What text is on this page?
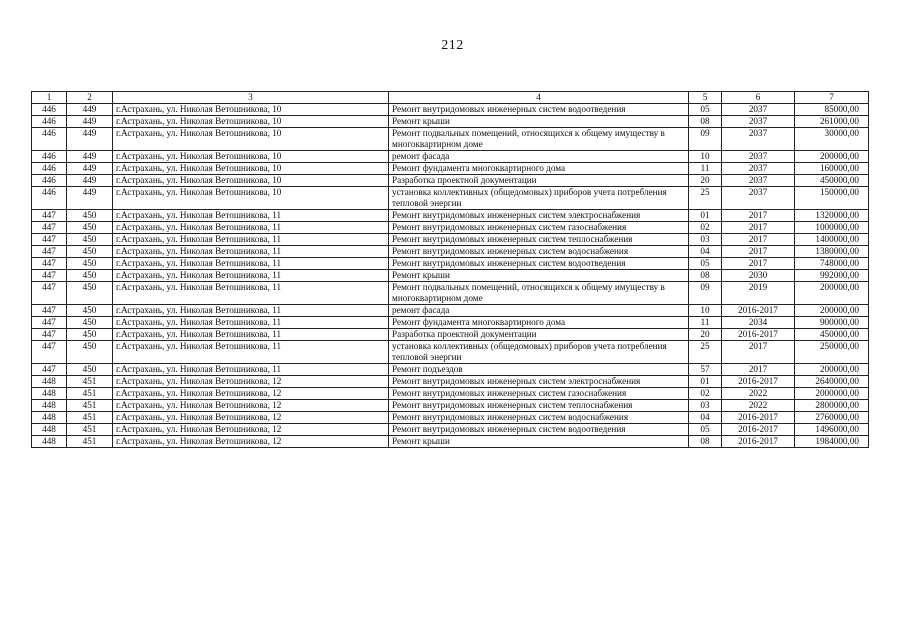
212
1	2	3	4	5	6	7
446	449	г.Астрахань, ул. Николая Ветошникова, 10	Ремонт внутридомовых инженерных систем водоотведения	05	2037	85000,00
446	449	г.Астрахань, ул. Николая Ветошникова, 10	Ремонт крыши	08	2037	261000,00
446	449	г.Астрахань, ул. Николая Ветошникова, 10	Ремонт подвальных помещений, относящихся к общему имуществу в многоквартирном доме	09	2037	30000,00
446	449	г.Астрахань, ул. Николая Ветошникова, 10	ремонт фасада	10	2037	200000,00
446	449	г.Астрахань, ул. Николая Ветошникова, 10	Ремонт фундамента многоквартирного дома	11	2037	160000,00
446	449	г.Астрахань, ул. Николая Ветошникова, 10	Разработка проектной документации	20	2037	450000,00
446	449	г.Астрахань, ул. Николая Ветошникова, 10	установка коллективных (общедомовых) приборов учета потребления тепловой энергии	25	2037	150000,00
447	450	г.Астрахань, ул. Николая Ветошникова, 11	Ремонт внутридомовых инженерных систем электроснабжения	01	2017	1320000,00
447	450	г.Астрахань, ул. Николая Ветошникова, 11	Ремонт внутридомовых инженерных систем газоснабжения	02	2017	1000000,00
447	450	г.Астрахань, ул. Николая Ветошникова, 11	Ремонт внутридомовых инженерных систем теплоснабжения	03	2017	1400000,00
447	450	г.Астрахань, ул. Николая Ветошникова, 11	Ремонт внутридомовых инженерных систем водоснабжения	04	2017	1380000,00
447	450	г.Астрахань, ул. Николая Ветошникова, 11	Ремонт внутридомовых инженерных систем водоотведения	05	2017	748000,00
447	450	г.Астрахань, ул. Николая Ветошникова, 11	Ремонт крыши	08	2030	992000,00
447	450	г.Астрахань, ул. Николая Ветошникова, 11	Ремонт подвальных помещений, относящихся к общему имуществу в многоквартирном доме	09	2019	200000,00
447	450	г.Астрахань, ул. Николая Ветошникова, 11	ремонт фасада	10	2016-2017	200000,00
447	450	г.Астрахань, ул. Николая Ветошникова, 11	Ремонт фундамента многоквартирного дома	11	2034	900000,00
447	450	г.Астрахань, ул. Николая Ветошникова, 11	Разработка проектной документации	20	2016-2017	450000,00
447	450	г.Астрахань, ул. Николая Ветошникова, 11	установка коллективных (общедомовых) приборов учета потребления тепловой энергии	25	2017	250000,00
447	450	г.Астрахань, ул. Николая Ветошникова, 11	Ремонт подъездов	57	2017	200000,00
448	451	г.Астрахань, ул. Николая Ветошникова, 12	Ремонт внутридомовых инженерных систем электроснабжения	01	2016-2017	2640000,00
448	451	г.Астрахань, ул. Николая Ветошникова, 12	Ремонт внутридомовых инженерных систем газоснабжения	02	2022	2000000,00
448	451	г.Астрахань, ул. Николая Ветошникова, 12	Ремонт внутридомовых инженерных систем теплоснабжения	03	2022	2800000,00
448	451	г.Астрахань, ул. Николая Ветошникова, 12	Ремонт внутридомовых инженерных систем водоснабжения	04	2016-2017	2760000,00
448	451	г.Астрахань, ул. Николая Ветошникова, 12	Ремонт внутридомовых инженерных систем водоотведения	05	2016-2017	1496000,00
448	451	г.Астрахань, ул. Николая Ветошникова, 12	Ремонт крыши	08	2016-2017	1984000,00
